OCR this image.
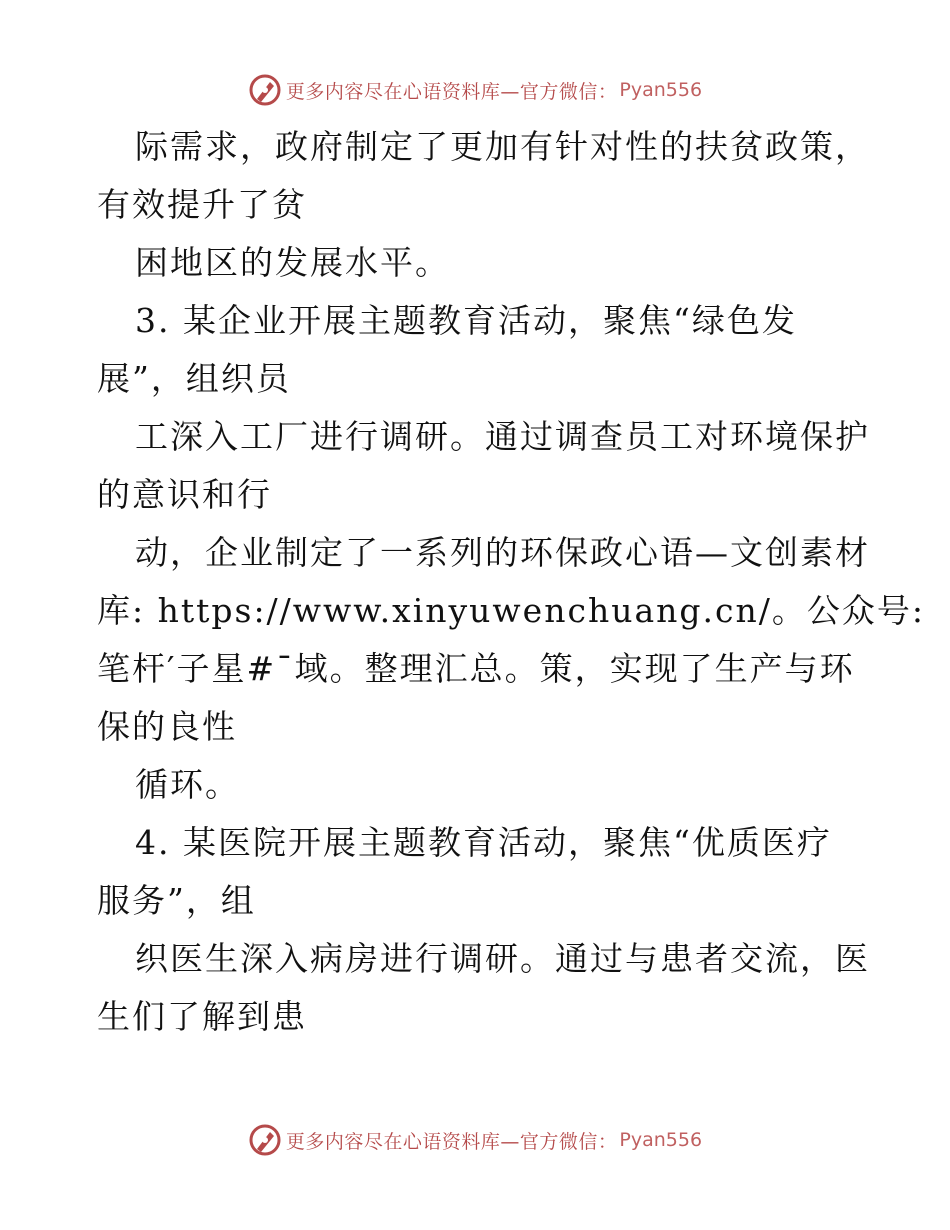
更多内容尽在心语资料库—官方微信： Pyan556
际需求，政府制定了更加有针对性的扶贫政策，
有效提升了贫
困地区的发展水平。
3. 某企业开展主题教育活动，聚焦“绿色发
展”，组织员
工深入工厂进行调研。通过调查员工对环境保护
的意识和行
动，企业制定了一系列的环保政心语—文创素材
库: https://www.xinyuwenchuang.cn/。公众号:
笔杆′子星#¯域。整理汇总。策，实现了生产与环
保的良性
循环。
4. 某医院开展主题教育活动，聚焦“优质医疗
服务”，组
织医生深入病房进行调研。通过与患者交流，医
生们了解到患
更多内容尽在心语资料库—官方微信： Pyan556
